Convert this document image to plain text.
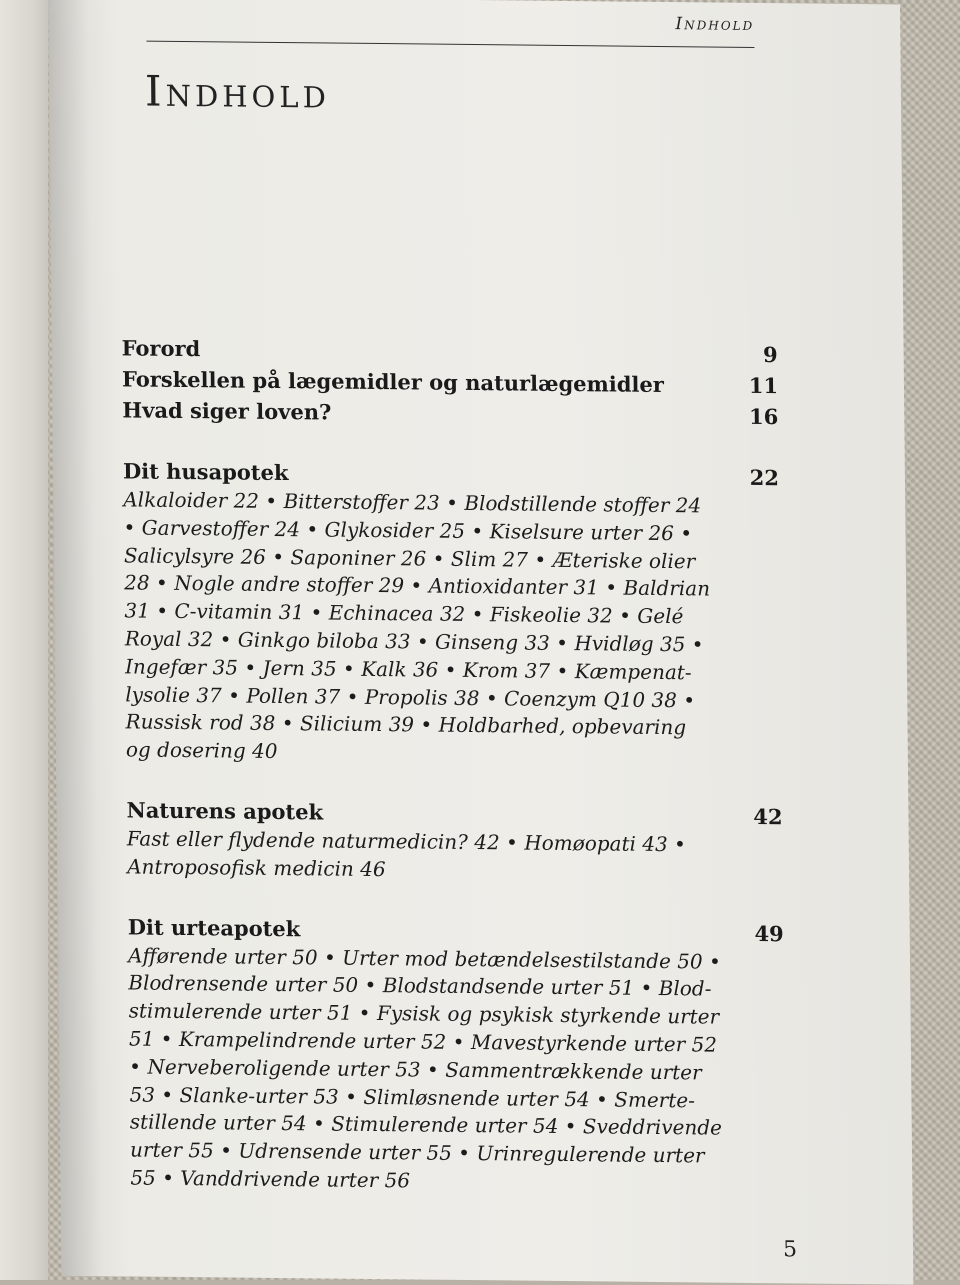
Indhold
Indhold
Forord	9
Forskellen på lægemidler og naturlægemidler	11
Hvad siger loven?	16
Dit husapotek	22

Alkaloider 22 • Bitterstoffer 23 • Blodstillende stoffer 24

• Garvestoffer 24 • Glykosider 25 • Kiselsure urter 26 •

Salicylsyre 26 • Saponiner 26 • Slim 27 • Æteriske olier

28 • Nogle andre stoffer 29 • Antioxidanter 31 • Baldrian

31 • C-vitamin 31 • Echinacea 32 • Fiskeolie 32 • Gelé

Royal 32 • Ginkgo biloba 33 • Ginseng 33 • Hvidløg 35 •

Ingefær 35 • Jern 35 • Kalk 36 • Krom 37 • Kæmpenat-

lysolie 37 • Pollen 37 • Propolis 38 • Coenzym Q10 38 •

Russisk rod 38 • Silicium 39 • Holdbarhed, opbevaring

og dosering 40

Naturens apotek	42

Fast eller flydende naturmedicin? 42 • Homøopati 43 •

Antroposofisk medicin 46

Dit urteapotek	49

Afførende urter 50 • Urter mod betændelsestilstande 50 •

Blodrensende urter 50 • Blodstandsende urter 51 • Blod-

stimulerende urter 51 • Fysisk og psykisk styrkende urter

51 • Krampelindrende urter 52 • Mavestyrkende urter 52

• Nerveberoligende urter 53 • Sammentrækkende urter

53 • Slanke-urter 53 • Slimløsnende urter 54 • Smerte-

stillende urter 54 • Stimulerende urter 54 • Sveddrivende

urter 55 • Udrensende urter 55 • Urinregulerende urter

55 • Vanddrivende urter 56

5
